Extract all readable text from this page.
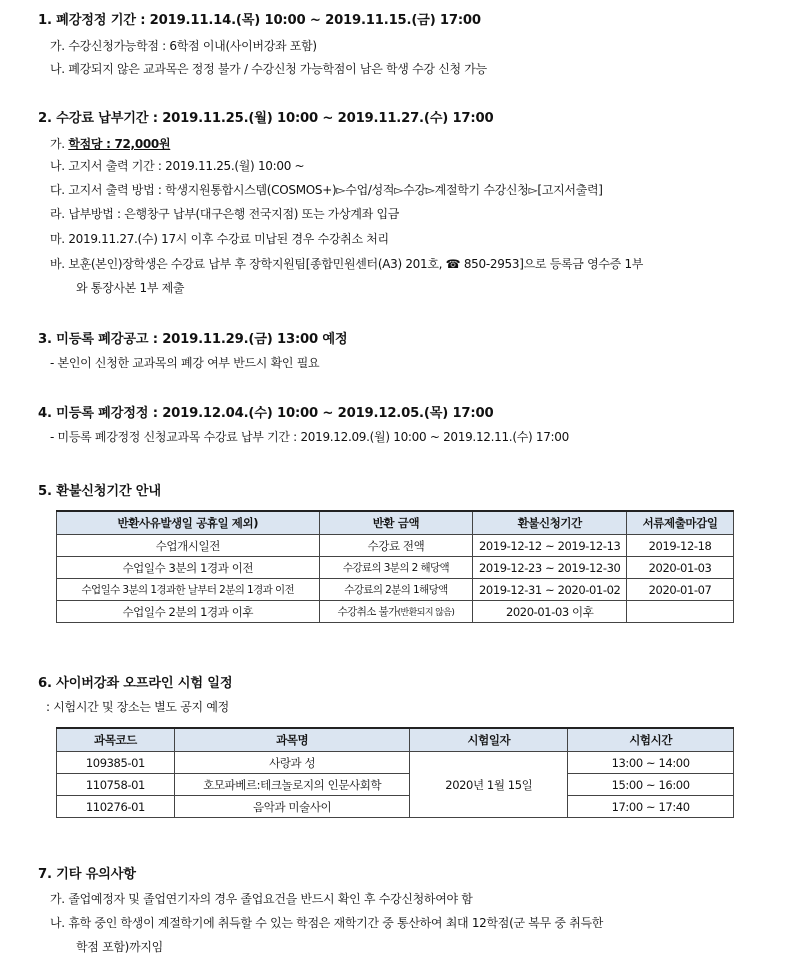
1. 폐강정정 기간 : 2019.11.14.(목) 10:00 ~ 2019.11.15.(금) 17:00
가. 수강신청가능학점 : 6학점 이내(사이버강좌 포함)
나. 폐강되지 않은 교과목은 정정 불가 / 수강신청 가능학점이 남은 학생 수강 신청 가능
2. 수강료 납부기간 : 2019.11.25.(월) 10:00 ~ 2019.11.27.(수) 17:00
가. 학점당 : 72,000원
나. 고지서 출력 기간 : 2019.11.25.(월) 10:00 ~
다. 고지서 출력 방법 : 학생지원통합시스템(COSMOS+)▻수업/성적▻수강▻계절학기 수강신청▻[고지서출력]
라. 납부방법 : 은행창구 납부(대구은행 전국지점) 또는 가상계좌 입금
마. 2019.11.27.(수) 17시 이후 수강료 미납된 경우 수강취소 처리
바. 보훈(본인)장학생은 수강료 납부 후 장학지원팀[종합민원센터(A3) 201호, ☎ 850-2953]으로 등록금 영수증 1부
와 통장사본 1부 제출
3. 미등록 폐강공고 : 2019.11.29.(금) 13:00 예정
- 본인이 신청한 교과목의 폐강 여부 반드시 확인 필요
4. 미등록 폐강정정 : 2019.12.04.(수) 10:00 ~ 2019.12.05.(목) 17:00
- 미등록 폐강정정 신청교과목 수강료 납부 기간 : 2019.12.09.(월) 10:00 ~ 2019.12.11.(수) 17:00
5. 환불신청기간 안내
반환사유발생일 공휴일 제외)	반환 금액	환불신청기간	서류제출마감일
수업개시일전	수강료 전액	2019-12-12 ~ 2019-12-13	2019-12-18
수업일수 3분의 1경과 이전	수강료의 3분의 2 해당액	2019-12-23 ~ 2019-12-30	2020-01-03
수업일수 3분의 1경과한 날부터 2분의 1경과 이전	수강료의 2분의 1해당액	2019-12-31 ~ 2020-01-02	2020-01-07
수업일수 2분의 1경과 이후	수강취소 불가(반환되지 않음)	2020-01-03 이후	
6. 사이버강좌 오프라인 시험 일정
: 시험시간 및 장소는 별도 공지 예정
과목코드	과목명	시험일자	시험시간
109385-01	사랑과 성	2020년 1월 15일	13:00 ~ 14:00
110758-01	호모파베르:테크놀로지의 인문사회학		15:00 ~ 16:00
110276-01	음악과 미술사이		17:00 ~ 17:40
7. 기타 유의사항
가. 졸업예정자 및 졸업연기자의 경우 졸업요건을 반드시 확인 후 수강신청하여야 함
나. 휴학 중인 학생이 계절학기에 취득할 수 있는 학점은 재학기간 중 통산하여 최대 12학점(군 복무 중 취득한
학점 포함)까지임
